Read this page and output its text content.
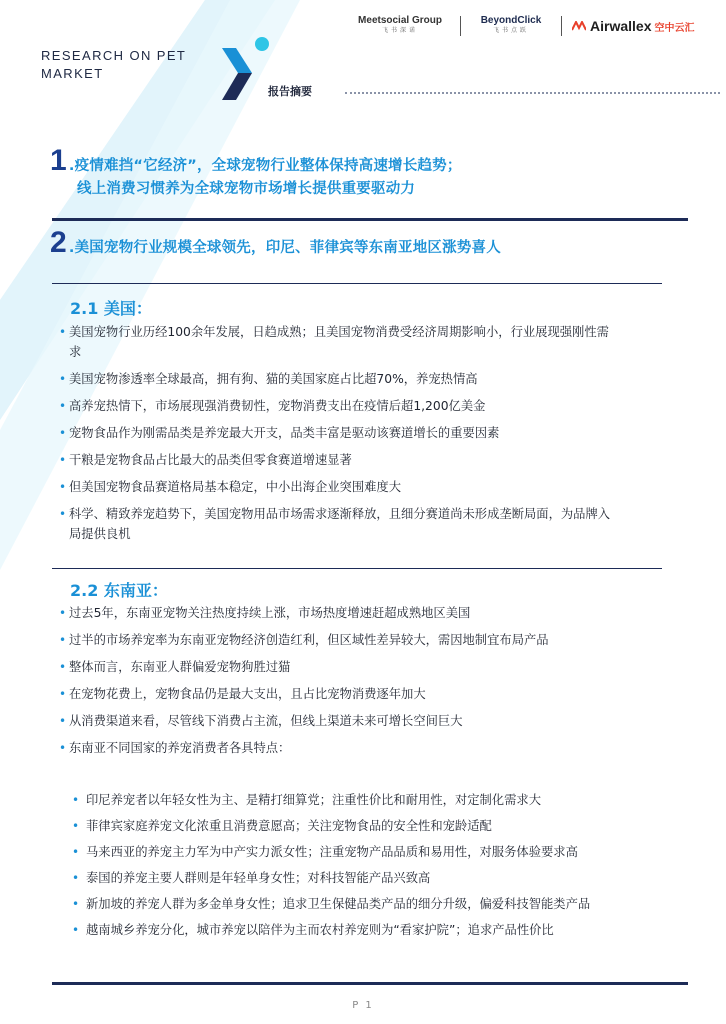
Meetsocial Group
飞书深诺
BeyondClick
飞书点跃	Airwallex 空中云汇
RESEARCH ON PET
MARKET
报告摘要
1 .疫情难挡“它经济”，全球宠物行业整体保持高速增长趋势；
线上消费习惯养为全球宠物市场增长提供重要驱动力
2 .美国宠物行业规模全球领先，印尼、菲律宾等东南亚地区涨势喜人
2.1 美国：
• 美国宠物行业历经100余年发展，日趋成熟；且美国宠物消费受经济周期影响小，行业展现强刚性需求
• 美国宠物渗透率全球最高，拥有狗、猫的美国家庭占比超70%，养宠热情高
• 高养宠热情下，市场展现强消费韧性，宠物消费支出在疫情后超1,200亿美金
• 宠物食品作为刚需品类是养宠最大开支，品类丰富是驱动该赛道增长的重要因素
• 干粮是宠物食品占比最大的品类但零食赛道增速显著
• 但美国宠物食品赛道格局基本稳定，中小出海企业突围难度大
• 科学、精致养宠趋势下，美国宠物用品市场需求逐渐释放，且细分赛道尚未形成垄断局面，为品牌入局提供良机
2.2 东南亚：
• 过去5年，东南亚宠物关注热度持续上涨，市场热度增速赶超成熟地区美国
• 过半的市场养宠率为东南亚宠物经济创造红利，但区域性差异较大，需因地制宜布局产品
• 整体而言，东南亚人群偏爱宠物狗胜过猫
• 在宠物花费上，宠物食品仍是最大支出，且占比宠物消费逐年加大
• 从消费渠道来看，尽管线下消费占主流，但线上渠道未来可增长空间巨大
• 东南亚不同国家的养宠消费者各具特点：
• 印尼养宠者以年轻女性为主、是精打细算党；注重性价比和耐用性，对定制化需求大
• 菲律宾家庭养宠文化浓重且消费意愿高；关注宠物食品的安全性和宠龄适配
• 马来西亚的养宠主力军为中产实力派女性；注重宠物产品品质和易用性，对服务体验要求高
• 泰国的养宠主要人群则是年轻单身女性；对科技智能产品兴致高
• 新加坡的养宠人群为多金单身女性；追求卫生保健品类产品的细分升级，偏爱科技智能类产品
• 越南城乡养宠分化，城市养宠以陪伴为主而农村养宠则为“看家护院”；追求产品性价比
P 1
